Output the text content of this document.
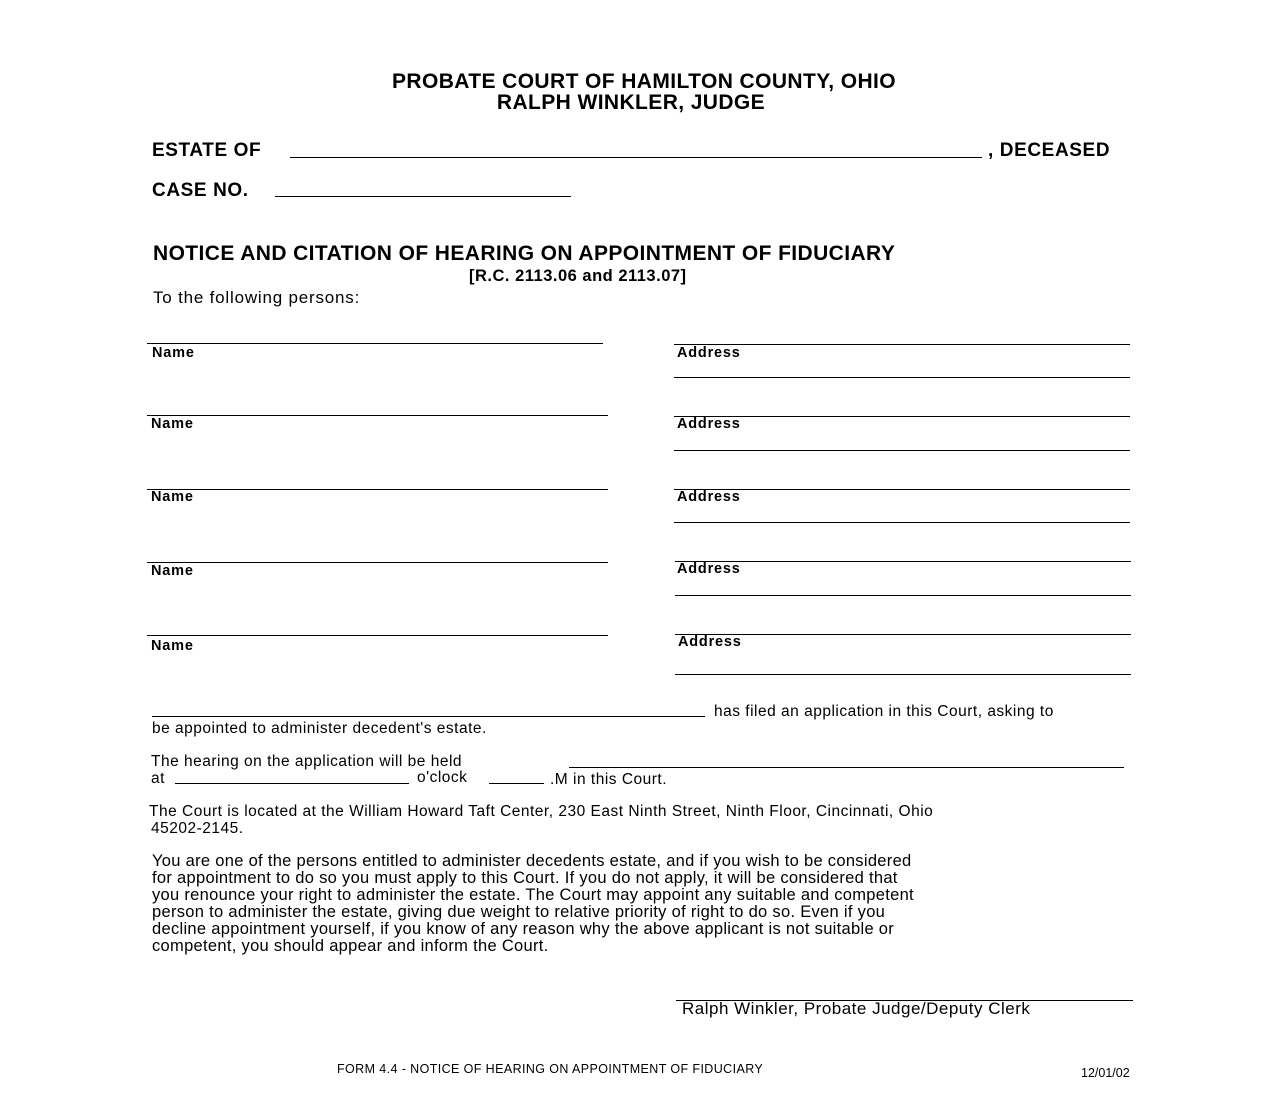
PROBATE COURT OF HAMILTON COUNTY, OHIO
RALPH WINKLER, JUDGE
ESTATE OF	, DECEASED
CASE NO.
NOTICE AND CITATION OF HEARING ON APPOINTMENT OF FIDUCIARY
[R.C. 2113.06 and 2113.07]
To the following persons:
Name	Address
Name	Address
Name	Address
Name	Address
Name	Address
has filed an application in this Court, asking to
be appointed to administer decedent's estate.
The hearing on the application will be held
at	o'clock	.M in this Court.
The Court is located at the William Howard Taft Center, 230 East Ninth Street, Ninth Floor, Cincinnati, Ohio
45202-2145.
You are one of the persons entitled to administer decedents estate, and if you wish to be considered
for appointment to do so you must apply to this Court. If you do not apply, it will be considered that
you renounce your right to administer the estate. The Court may appoint any suitable and competent
person to administer the estate, giving due weight to relative priority of right to do so. Even if you
decline appointment yourself, if you know of any reason why the above applicant is not suitable or
competent, you should appear and inform the Court.
Ralph Winkler, Probate Judge/Deputy Clerk
FORM 4.4 - NOTICE OF HEARING ON APPOINTMENT OF FIDUCIARY	12/01/02
